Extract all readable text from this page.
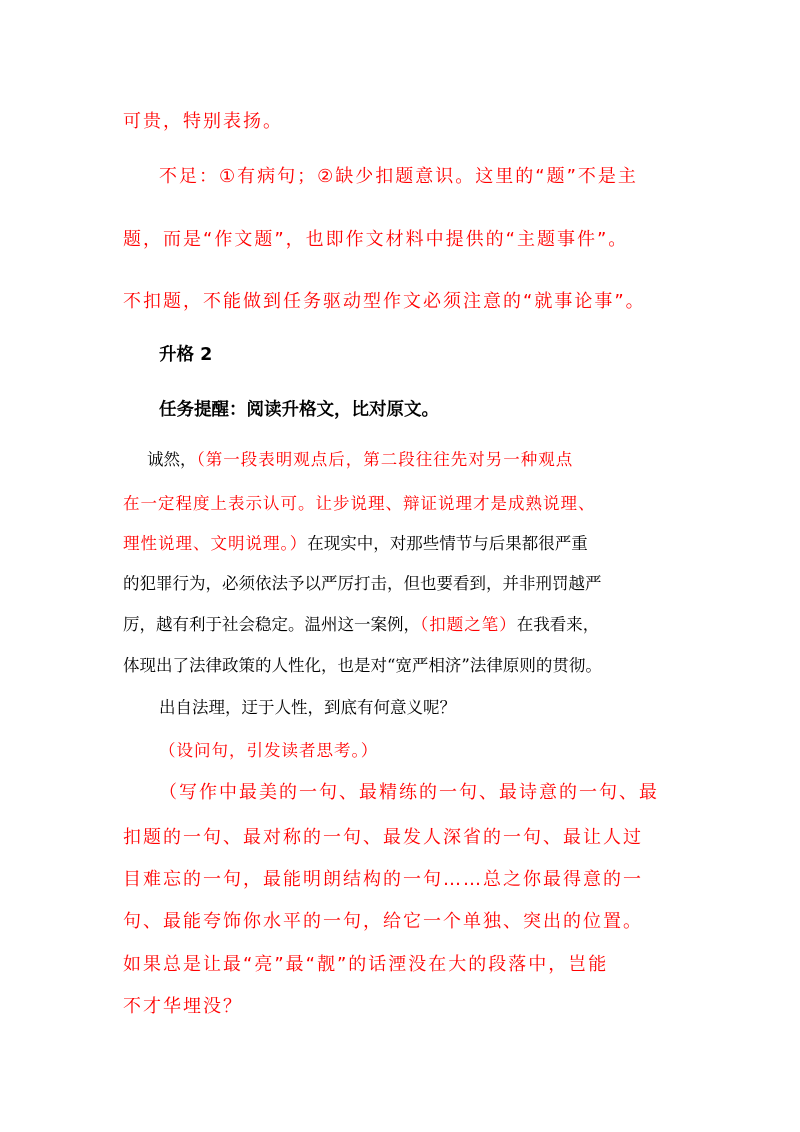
可贵，特别表扬。

不足：①有病句；②缺少扣题意识。这里的“题”不是主

题，而是“作文题”，也即作文材料中提供的“主题事件”。

不扣题，不能做到任务驱动型作文必须注意的“就事论事”。

升格 2

任务提醒：阅读升格文，比对原文。

诚然，（第一段表明观点后，第二段往往先对另一种观点

在一定程度上表示认可。让步说理、辩证说理才是成熟说理、

理性说理、文明说理。）在现实中，对那些情节与后果都很严重

的犯罪行为，必须依法予以严厉打击，但也要看到，并非刑罚越严

厉，越有利于社会稳定。温州这一案例，（扣题之笔）在我看来，

体现出了法律政策的人性化，也是对“宽严相济”法律原则的贯彻。

出自法理，迂于人性，到底有何意义呢？

（设问句，引发读者思考。）

（写作中最美的一句、最精练的一句、最诗意的一句、最

扣题的一句、最对称的一句、最发人深省的一句、最让人过

目难忘的一句，最能明朗结构的一句……总之你最得意的一

句、最能夸饰你水平的一句，给它一个单独、突出的位置。

如果总是让最“亮”最“靓”的话湮没在大的段落中，岂能

不才华埋没？
